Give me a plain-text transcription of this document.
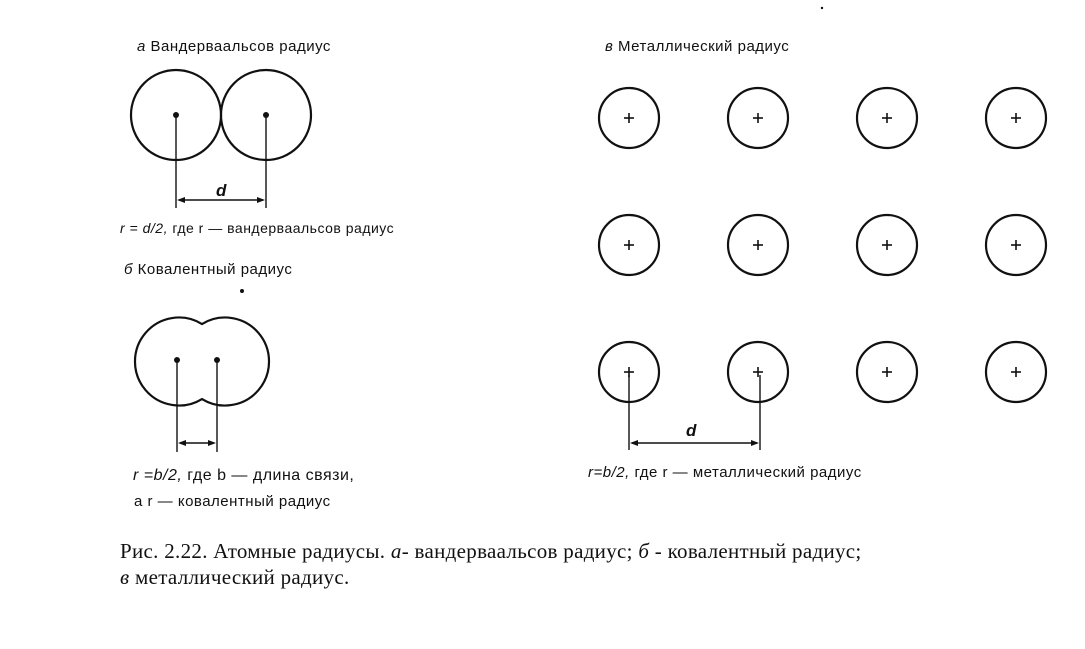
а Вандерваальсов радиус
d
r = d/2, где r — вандерваальсов радиус
б Ковалентный радиус
r =b/2, где b — длина связи,
а r — ковалентный радиус
в Металлический радиус
d
r=b/2, где r — металлический радиус
Рис. 2.22. Атомные радиусы. а- вандерваальсов радиус; б - ковалентный радиус;
в металлический радиус.
